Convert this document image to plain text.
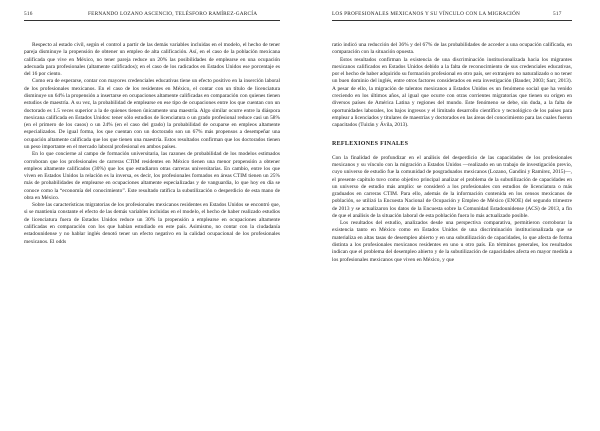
516	FERNANDO LOZANO ASCENCIO, TELÉSFORO RAMÍREZ-GARCÍA

Respecto al estado civil, según el control a partir de las demás variables incluidas en el modelo, el hecho de tener pareja disminuye la propensión de obtener un empleo de alta calificación. Así, en el caso de la población mexicana calificada que vive en México, no tener pareja reduce un 20% las posibilidades de emplearse en una ocupación adecuada para profesionales (altamente calificados); en el caso de los radicados en Estados Unidos ese porcentaje es del 16 por ciento.

Como era de esperarse, contar con mayores credenciales educativas tiene un efecto positivo en la inserción laboral de los profesionales mexicanos. En el caso de los residentes en México, el contar con un título de licenciatura disminuye un 64% la propensión a insertarse en ocupaciones altamente calificadas en comparación con quienes tienen estudios de maestría. A su vez, la probabilidad de emplearse en ese tipo de ocupaciones entre los que cuentan con un doctorado es 1.5 veces superior a la de quienes tienen únicamente una maestría. Algo similar ocurre entre la diáspora mexicana calificada en Estados Unidos: tener sólo estudios de licenciatura o un grado profesional reduce casi un 58% (en el primero de los casos) o un 24% (en el caso del grado) la probabilidad de ocuparse en empleos altamente especializados. De igual forma, los que cuentan con un doctorado son un 67% más propensos a desempeñar una ocupación altamente calificada que los que tienen una maestría. Estos resultados confirman que los doctorados tienen un peso importante en el mercado laboral profesional en ambos países.

En lo que concierne al campo de formación universitaria, las razones de probabilidad de los modelos estimados corroboran que los profesionales de carreras CTIM residentes en México tienen una menor propensión a obtener empleos altamente calificados (30%) que los que estudiaron otras carreras universitarias. En cambio, entre los que viven en Estados Unidos la relación es la inversa, es decir, los profesionales formados en áreas CTIM tienen un 25% más de probabilidades de emplearse en ocupaciones altamente especializadas y de vanguardia, lo que hoy en día se conoce como la “economía del conocimiento”. Este resultado ratifica la subutilización o desperdicio de esta mano de obra en México.

Sobre las características migratorias de los profesionales mexicanos residentes en Estados Unidos se encontró que, si se mantienia constante el efecto de las demás variables incluidas en el modelo, el hecho de haber realizado estudios de licenciatura fuera de Estados Unidos reduce un 30% la propensión a emplearse en ocupaciones altamente calificadas en comparación con los que habían estudiado en este país. Asimismo, no contar con la ciudadanía estadounidense y no hablar inglés denotó tener un efecto negativo en la calidad ocupacional de los profesionales mexicanos. El odds

LOS PROFESIONALES MEXICANOS Y SU VÍNCULO CON LA MIGRACIÓN	517

ratio indicó una reducción del 36% y del 67% de las probabilidades de acceder a una ocupación calificada, en comparación con la situación opuesta.

Estos resultados confirman la existencia de una discriminación institucionalizada hacia los migrantes mexicanos calificados en Estados Unidos debido a la falta de reconocimiento de sus credenciales educativas, por el hecho de haber adquirido su formación profesional en otro país, ser extranjero no naturalizado o no tener un buen dominio del inglés, entre otros factores considerados en esta investigación (Bauder, 2003; Sarr, 2013). A pesar de ello, la migración de talentos mexicanos a Estados Unidos es un fenómeno social que ha venido creciendo en los últimos años, al igual que ocurre con otras corrientes migratorias que tienen su origen en diversos países de América Latina y regiones del mundo. Este fenómeno se debe, sin duda, a la falta de oportunidades laborales, los bajos ingresos y el limitado desarrollo científico y tecnológico de los países para emplear a licenciados y titulares de maestrías y doctorados en las áreas del conocimiento para las cuales fueron capacitados (Tuirán y Ávila, 2013).

REFLEXIONES FINALES

Con la finalidad de profundizar en el análisis del desperdicio de las capacidades de los profesionales mexicanos y su vínculo con la migración a Estados Unidos —realizado en un trabajo de investigación previo, cuyo universo de estudio fue la comunidad de posgraduados mexicanos (Lozano, Gandini y Ramírez, 2015)—, el presente capítulo tuvo como objetivo principal analizar el problema de la subutilización de capacidades en un universo de estudio más amplio: se consideró a los profesionales con estudios de licenciatura o más graduados en carreras CTIM. Para ello, además de la información contenida en los censos mexicanos de población, se utilizó la Encuesta Nacional de Ocupación y Empleo de México (ENOE) del segundo trimestre de 2013 y se actualizaron los datos de la Encuesta sobre la Comunidad Estadounidense (ACS) de 2013, a fin de que el análisis de la situación laboral de esta población fuera lo más actualizado posible.

Los resultados del estudio, analizados desde una perspectiva comparativa, permitieron corroborar la existencia tanto en México como en Estados Unidos de una discriminación institucionalizada que se materializa en altas tasas de desempleo abierto y en una subutilización de capacidades, lo que afecta de forma distinta a los profesionales mexicanos residentes en uno u otro país. En términos generales, los resultados indican que el problema del desempleo abierto y de la subutilización de capacidades afecta en mayor medida a los profesionales mexicanos que viven en México, y que
